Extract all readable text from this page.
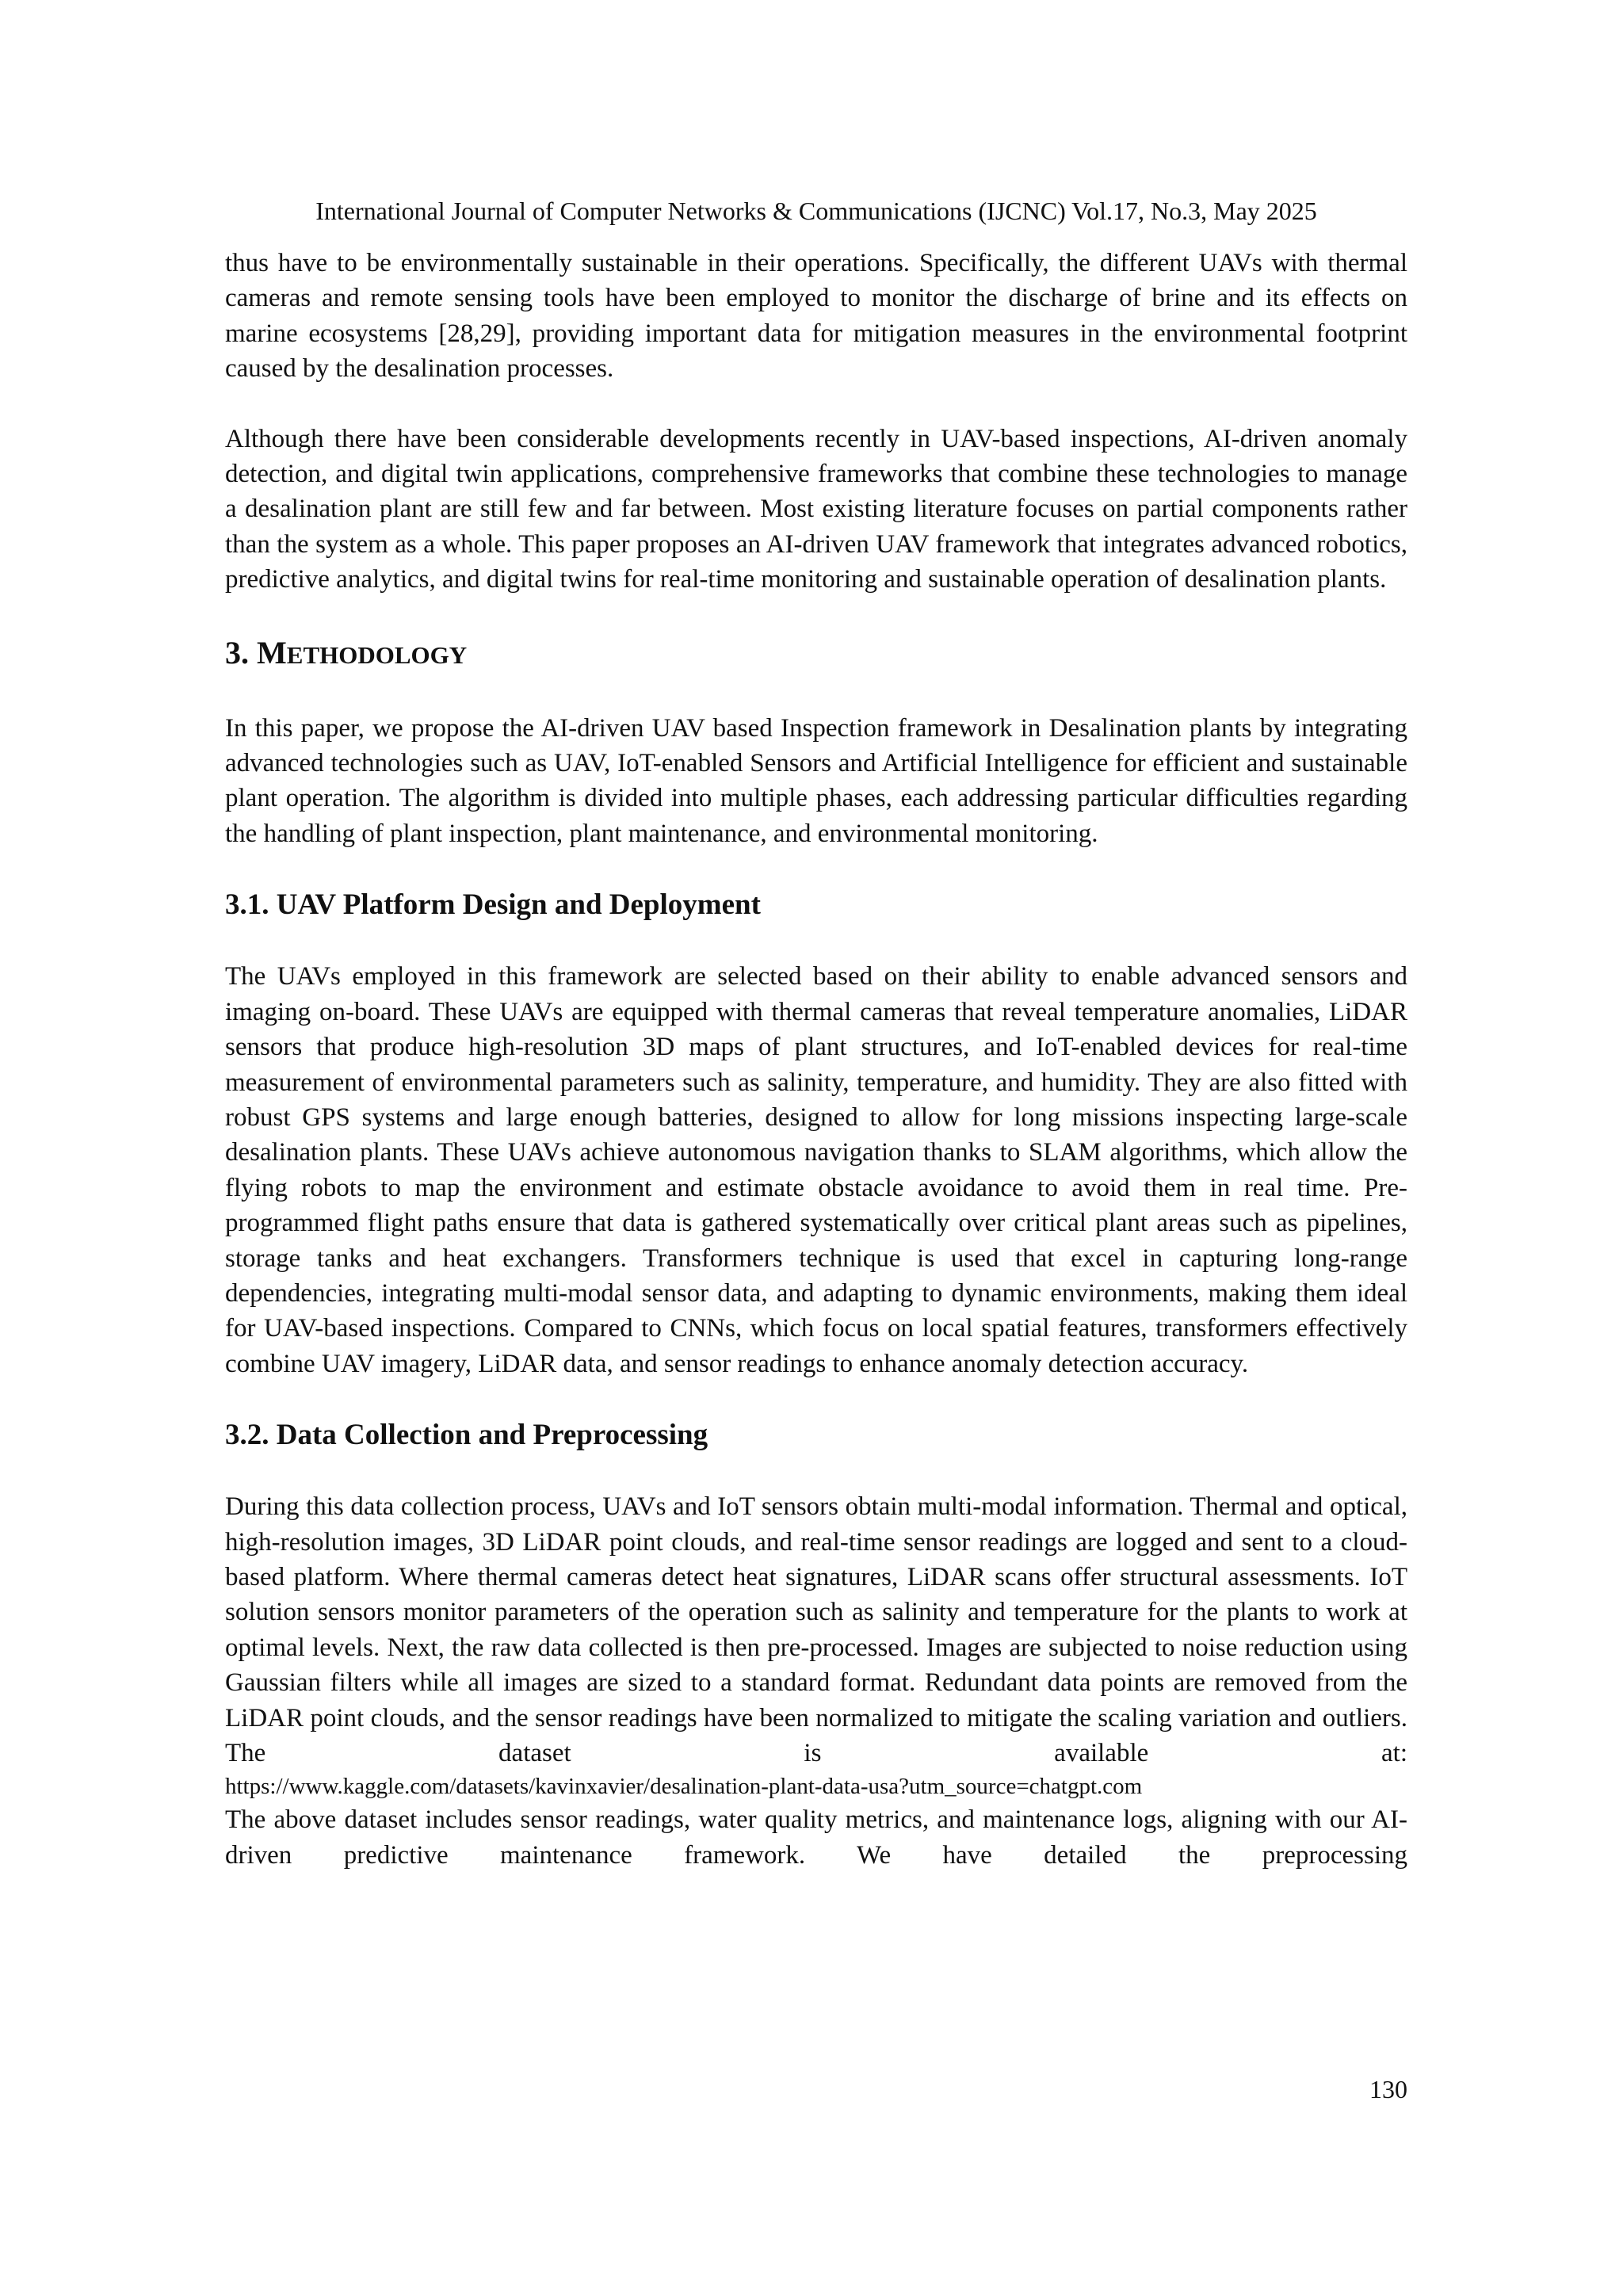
International Journal of Computer Networks & Communications (IJCNC) Vol.17, No.3, May 2025

thus have to be environmentally sustainable in their operations. Specifically, the different UAVs with thermal cameras and remote sensing tools have been employed to monitor the discharge of brine and its effects on marine ecosystems [28,29], providing important data for mitigation measures in the environmental footprint caused by the desalination processes.

Although there have been considerable developments recently in UAV-based inspections, AI-driven anomaly detection, and digital twin applications, comprehensive frameworks that combine these technologies to manage a desalination plant are still few and far between. Most existing literature focuses on partial components rather than the system as a whole. This paper proposes an AI-driven UAV framework that integrates advanced robotics, predictive analytics, and digital twins for real-time monitoring and sustainable operation of desalination plants.

3. METHODOLOGY

In this paper, we propose the AI-driven UAV based Inspection framework in Desalination plants by integrating advanced technologies such as UAV, IoT-enabled Sensors and Artificial Intelligence for efficient and sustainable plant operation. The algorithm is divided into multiple phases, each addressing particular difficulties regarding the handling of plant inspection, plant maintenance, and environmental monitoring.

3.1. UAV Platform Design and Deployment

The UAVs employed in this framework are selected based on their ability to enable advanced sensors and imaging on-board. These UAVs are equipped with thermal cameras that reveal temperature anomalies, LiDAR sensors that produce high-resolution 3D maps of plant structures, and IoT-enabled devices for real-time measurement of environmental parameters such as salinity, temperature, and humidity. They are also fitted with robust GPS systems and large enough batteries, designed to allow for long missions inspecting large-scale desalination plants. These UAVs achieve autonomous navigation thanks to SLAM algorithms, which allow the flying robots to map the environment and estimate obstacle avoidance to avoid them in real time. Pre-programmed flight paths ensure that data is gathered systematically over critical plant areas such as pipelines, storage tanks and heat exchangers. Transformers technique is used that excel in capturing long-range dependencies, integrating multi-modal sensor data, and adapting to dynamic environments, making them ideal for UAV-based inspections. Compared to CNNs, which focus on local spatial features, transformers effectively combine UAV imagery, LiDAR data, and sensor readings to enhance anomaly detection accuracy.

3.2. Data Collection and Preprocessing

During this data collection process, UAVs and IoT sensors obtain multi-modal information. Thermal and optical, high-resolution images, 3D LiDAR point clouds, and real-time sensor readings are logged and sent to a cloud-based platform. Where thermal cameras detect heat signatures, LiDAR scans offer structural assessments. IoT solution sensors monitor parameters of the operation such as salinity and temperature for the plants to work at optimal levels. Next, the raw data collected is then pre-processed. Images are subjected to noise reduction using Gaussian filters while all images are sized to a standard format. Redundant data points are removed from the LiDAR point clouds, and the sensor readings have been normalized to mitigate the scaling variation and outliers. The dataset is available at:

https://www.kaggle.com/datasets/kavinxavier/desalination-plant-data-usa?utm_source=chatgpt.com

The above dataset includes sensor readings, water quality metrics, and maintenance logs, aligning with our AI-driven predictive maintenance framework. We have detailed the preprocessing

130
